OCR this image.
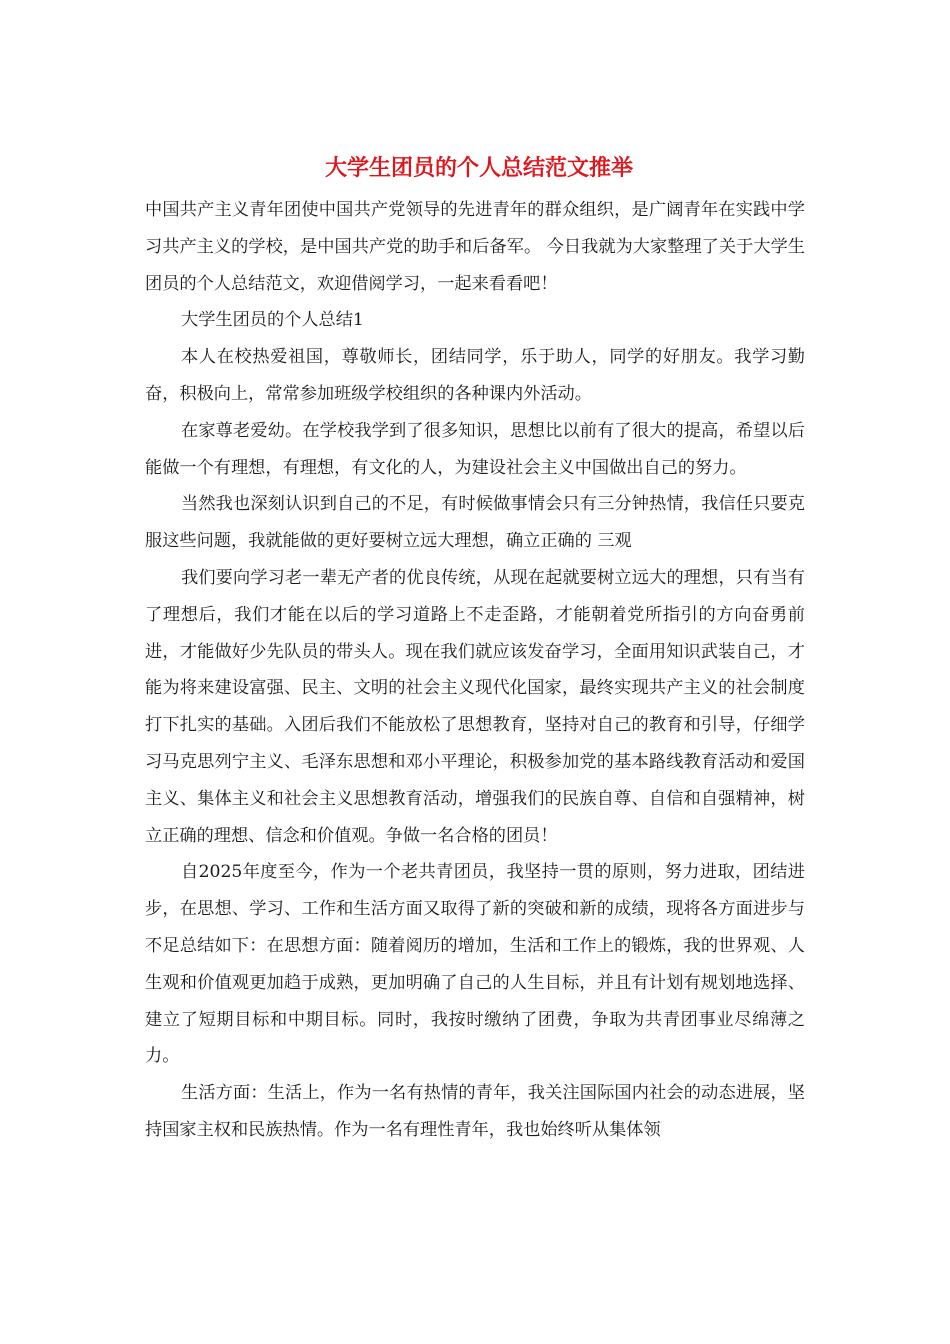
大学生团员的个人总结范文推举

中国共产主义青年团使中国共产党领导的先进青年的群众组织，是广阔青年在实践中学习共产主义的学校，是中国共产党的助手和后备军。 今日我就为大家整理了关于大学生团员的个人总结范文，欢迎借阅学习，一起来看看吧！

大学生团员的个人总结1

本人在校热爱祖国，尊敬师长，团结同学，乐于助人，同学的好朋友。我学习勤奋，积极向上，常常参加班级学校组织的各种课内外活动。

在家尊老爱幼。在学校我学到了很多知识，思想比以前有了很大的提高，希望以后能做一个有理想，有理想，有文化的人，为建设社会主义中国做出自己的努力。

当然我也深刻认识到自己的不足，有时候做事情会只有三分钟热情，我信任只要克服这些问题，我就能做的更好要树立远大理想，确立正确的 三观

我们要向学习老一辈无产者的优良传统，从现在起就要树立远大的理想，只有当有了理想后，我们才能在以后的学习道路上不走歪路，才能朝着党所指引的方向奋勇前进，才能做好少先队员的带头人。现在我们就应该发奋学习，全面用知识武装自己，才能为将来建设富强、民主、文明的社会主义现代化国家，最终实现共产主义的社会制度打下扎实的基础。入团后我们不能放松了思想教育，坚持对自己的教育和引导，仔细学习马克思列宁主义、毛泽东思想和邓小平理论，积极参加党的基本路线教育活动和爱国主义、集体主义和社会主义思想教育活动，增强我们的民族自尊、自信和自强精神，树立正确的理想、信念和价值观。争做一名合格的团员！

自2025年度至今，作为一个老共青团员，我坚持一贯的原则，努力进取，团结进步，在思想、学习、工作和生活方面又取得了新的突破和新的成绩，现将各方面进步与不足总结如下：在思想方面：随着阅历的增加，生活和工作上的锻炼，我的世界观、人生观和价值观更加趋于成熟，更加明确了自己的人生目标，并且有计划有规划地选择、建立了短期目标和中期目标。同时，我按时缴纳了团费，争取为共青团事业尽绵薄之力。

生活方面：生活上，作为一名有热情的青年，我关注国际国内社会的动态进展，坚持国家主权和民族热情。作为一名有理性青年，我也始终听从集体领
